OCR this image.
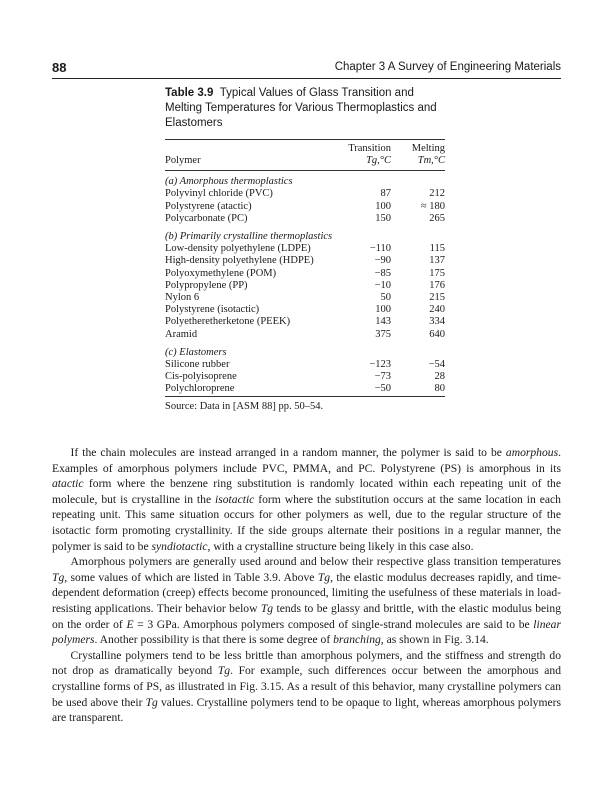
88	Chapter 3 A Survey of Engineering Materials
Table 3.9 Typical Values of Glass Transition and Melting Temperatures for Various Thermoplastics and Elastomers
	Transition	Melting
Polymer	Tg,°C	Tm,°C

(a) Amorphous thermoplastics		
Polyvinyl chloride (PVC)	87	212
Polystyrene (atactic)	100	≈ 180
Polycarbonate (PC)	150	265

(b) Primarily crystalline thermoplastics		
Low-density polyethylene (LDPE)	−110	115
High-density polyethylene (HDPE)	−90	137
Polyoxymethylene (POM)	−85	175
Polypropylene (PP)	−10	176
Nylon 6	50	215
Polystyrene (isotactic)	100	240
Polyetheretherketone (PEEK)	143	334
Aramid	375	640

(c) Elastomers		
Silicone rubber	−123	−54
Cis-polyisoprene	−73	28
Polychloroprene	−50	80
Source: Data in [ASM 88] pp. 50–54.

If the chain molecules are instead arranged in a random manner, the polymer is said to be amorphous. Examples of amorphous polymers include PVC, PMMA, and PC. Polystyrene (PS) is amorphous in its atactic form where the benzene ring substitution is randomly located within each repeating unit of the molecule, but is crystalline in the isotactic form where the substitution occurs at the same location in each repeating unit. This same situation occurs for other polymers as well, due to the regular structure of the isotactic form promoting crystallinity. If the side groups alternate their positions in a regular manner, the polymer is said to be syndiotactic, with a crystalline structure being likely in this case also.

Amorphous polymers are generally used around and below their respective glass transition temperatures Tg, some values of which are listed in Table 3.9. Above Tg, the elastic modulus decreases rapidly, and time-dependent deformation (creep) effects become pronounced, limiting the usefulness of these materials in load-resisting applications. Their behavior below Tg tends to be glassy and brittle, with the elastic modulus being on the order of E = 3 GPa. Amorphous polymers composed of single-strand molecules are said to be linear polymers. Another possibility is that there is some degree of branching, as shown in Fig. 3.14.

Crystalline polymers tend to be less brittle than amorphous polymers, and the stiffness and strength do not drop as dramatically beyond Tg. For example, such differences occur between the amorphous and crystalline forms of PS, as illustrated in Fig. 3.15. As a result of this behavior, many crystalline polymers can be used above their Tg values. Crystalline polymers tend to be opaque to light, whereas amorphous polymers are transparent.
